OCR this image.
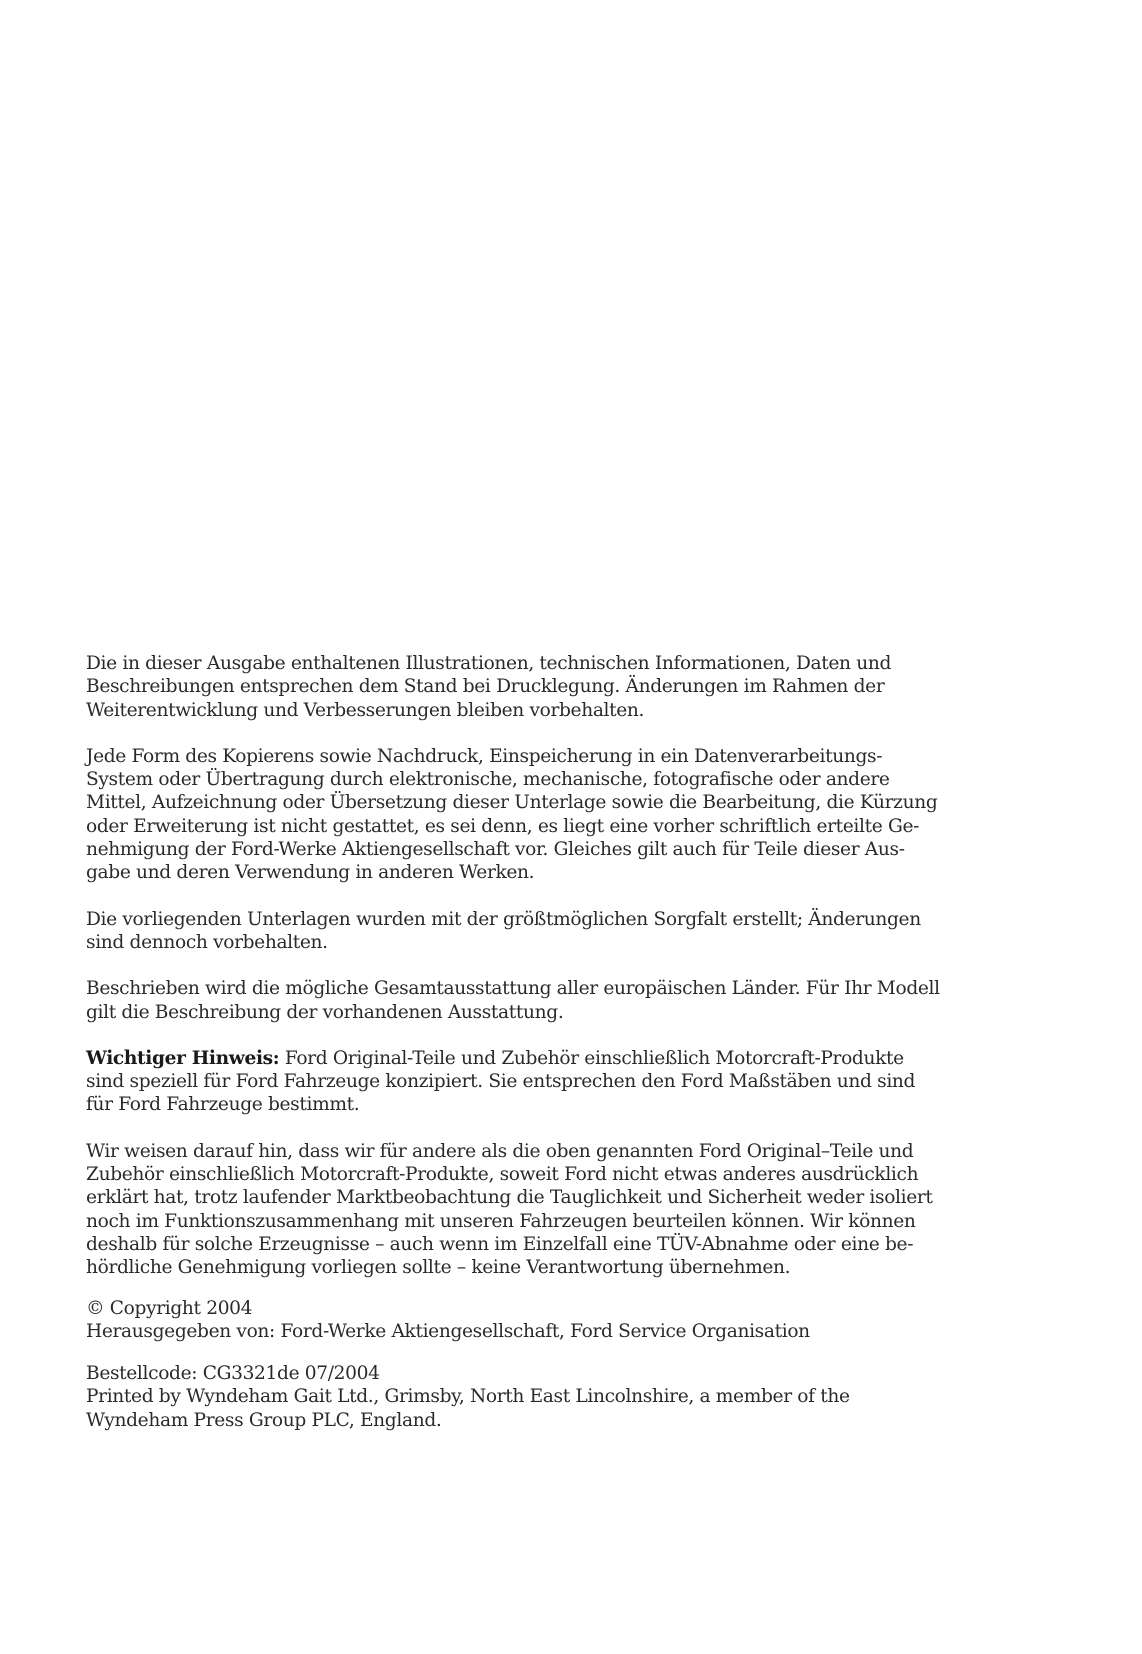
Die in dieser Ausgabe enthaltenen Illustrationen, technischen Informationen, Daten und
Beschreibungen entsprechen dem Stand bei Drucklegung. Änderungen im Rahmen der
Weiterentwicklung und Verbesserungen bleiben vorbehalten.

Jede Form des Kopierens sowie Nachdruck, Einspeicherung in ein Datenverarbeitungs-
System oder Übertragung durch elektronische, mechanische, fotografische oder andere
Mittel, Aufzeichnung oder Übersetzung dieser Unterlage sowie die Bearbeitung, die Kürzung
oder Erweiterung ist nicht gestattet, es sei denn, es liegt eine vorher schriftlich erteilte Ge-
nehmigung der Ford-Werke Aktiengesellschaft vor. Gleiches gilt auch für Teile dieser Aus-
gabe und deren Verwendung in anderen Werken.

Die vorliegenden Unterlagen wurden mit der größtmöglichen Sorgfalt erstellt; Änderungen
sind dennoch vorbehalten.

Beschrieben wird die mögliche Gesamtausstattung aller europäischen Länder. Für Ihr Modell
gilt die Beschreibung der vorhandenen Ausstattung.

Wichtiger Hinweis: Ford Original-Teile und Zubehör einschließlich Motorcraft-Produkte
sind speziell für Ford Fahrzeuge konzipiert. Sie entsprechen den Ford Maßstäben und sind
für Ford Fahrzeuge bestimmt.

Wir weisen darauf hin, dass wir für andere als die oben genannten Ford Original–Teile und
Zubehör einschließlich Motorcraft-Produkte, soweit Ford nicht etwas anderes ausdrücklich
erklärt hat, trotz laufender Marktbeobachtung die Tauglichkeit und Sicherheit weder isoliert
noch im Funktionszusammenhang mit unseren Fahrzeugen beurteilen können. Wir können
deshalb für solche Erzeugnisse – auch wenn im Einzelfall eine TÜV-Abnahme oder eine be-
hördliche Genehmigung vorliegen sollte – keine Verantwortung übernehmen.

© Copyright 2004
Herausgegeben von: Ford-Werke Aktiengesellschaft, Ford Service Organisation

Bestellcode: CG3321de 07/2004
Printed by Wyndeham Gait Ltd., Grimsby, North East Lincolnshire, a member of the
Wyndeham Press Group PLC, England.
